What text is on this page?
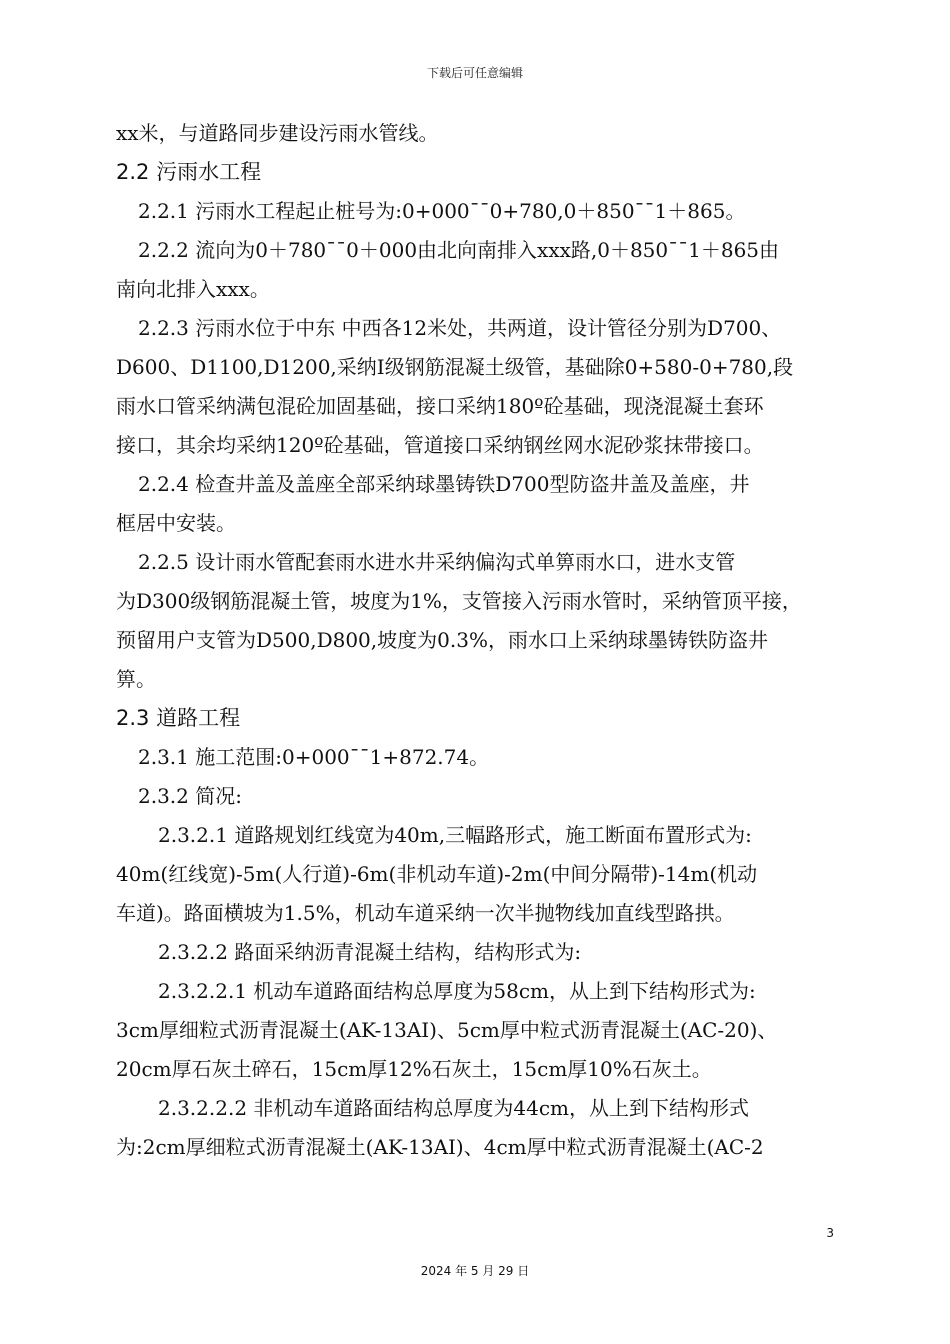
下载后可任意编辑
xx米，与道路同步建设污雨水管线。
2.2 污雨水工程
2.2.1 污雨水工程起止桩号为:0+000¯¯0+780,0＋850¯¯1＋865。
2.2.2 流向为0＋780¯¯0＋000由北向南排入xxx路,0＋850¯¯1＋865由
南向北排入xxx。
2.2.3 污雨水位于中东 中西各12米处，共两道，设计管径分别为D700、
D600、D1100,D1200,采纳Ⅰ级钢筋混凝土级管，基础除0+580-0+780,段
雨水口管采纳满包混砼加固基础，接口采纳180º砼基础，现浇混凝土套环
接口，其余均采纳120º砼基础，管道接口采纳钢丝网水泥砂浆抹带接口。
2.2.4 检查井盖及盖座全部采纳球墨铸铁D700型防盗井盖及盖座，井
框居中安装。
2.2.5 设计雨水管配套雨水进水井采纳偏沟式单箅雨水口，进水支管
为D300级钢筋混凝土管，坡度为1%，支管接入污雨水管时，采纳管顶平接，
预留用户支管为D500,D800,坡度为0.3%，雨水口上采纳球墨铸铁防盗井
箅。
2.3 道路工程
2.3.1 施工范围:0+000¯¯1+872.74。
2.3.2 简况:
2.3.2.1 道路规划红线宽为40m,三幅路形式，施工断面布置形式为:
40m(红线宽)-5m(人行道)-6m(非机动车道)-2m(中间分隔带)-14m(机动
车道)。路面横坡为1.5%，机动车道采纳一次半抛物线加直线型路拱。
2.3.2.2 路面采纳沥青混凝土结构，结构形式为:
2.3.2.2.1 机动车道路面结构总厚度为58cm，从上到下结构形式为:
3cm厚细粒式沥青混凝土(AK-13AⅠ)、5cm厚中粒式沥青混凝土(AC-20)、
20cm厚石灰土碎石，15cm厚12%石灰土，15cm厚10%石灰土。
2.3.2.2.2 非机动车道路面结构总厚度为44cm，从上到下结构形式
为:2cm厚细粒式沥青混凝土(AK-13AⅠ)、4cm厚中粒式沥青混凝土(AC-2
3
2024 年 5 月 29 日
